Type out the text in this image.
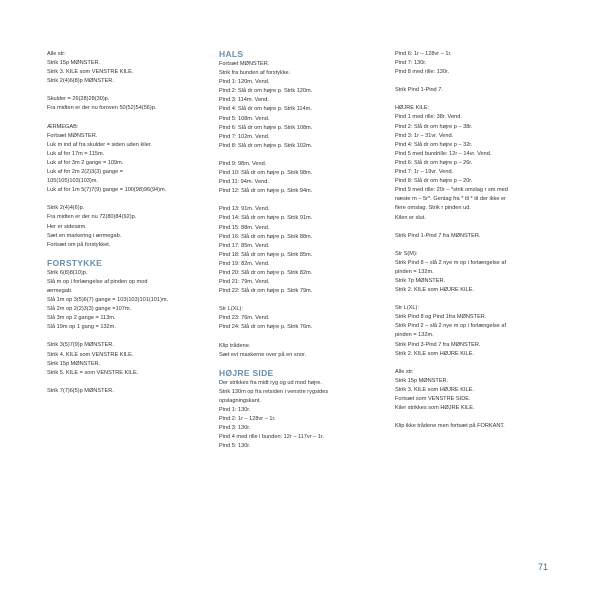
Alle str:
Strik 15p MØNSTER.
Strik 3. KILE som VENSTRE KILE.
Strik 2(4)6(8)p MØNSTER.
Skulder = 26(28)28(30)p.
Fra midten er der nu foroven 50(52)54(56)p.
ÆRMEGAB:
Fortsæt MØNSTER.
Luk m ind af fra skulder = siden uden kiler.
Luk af for 17m = 115m.
Luk af for 3m 2 gange = 109m.
Luk af for 2m 2(2)3(3) gange =
105(105)103(103)m.
Luk af for 1m 5(7)7(9) gange = 100(98)96(94)m.
Strik 2(4)4(6)p.
Fra midten er der nu 72(80)84(92)p.
Her er sidesøm.
Sæt en markering i ærmegab.
Fortsæt om på forstykket.
FORSTYKKE
Strik 6(8)8(10)p.
Slå m op i forlængelse af pinden op mod
ærmegab.
Slå 1m op 3(5)6(7) gange = 103(103)101(101)m.
Slå 2m op 2(2)3(3) gange =107m.
Slå 3m op 2 gange = 113m.
Slå 19m op 1 gang = 132m.
Strik 3(5)7(9)p MØNSTER.
Strik 4. KILE som VENSTRE KILE.
Strik 15p MØNSTER.
Strik 5. KILE = som VENSTRE KILE.
Strik 7(7)6(5)p MØNSTER.
HALS
Fortsæt MØNSTER.
Strik fra bunden af forstykke.
Pind 1: 120m. Vend.
Pind 2: Slå dr om højre p. Strik 120m.
Pind 3: 114m. Vend.
Pind 4: Slå dr om højre p. Strik 114m.
Pind 5: 108m. Vend.
Pind 6: Slå dr om højre p. Strik 108m.
Pind 7: 102m. Vend.
Pind 8: Slå dr om højre p. Strik 102m.
Pind 9: 98m. Vend.
Pind 10: Slå dr om højre p. Strik 98m.
Pind 11: 94m. Vend.
Pind 12: Slå dr om højre p. Strik 94m.
Pind 13: 91m. Vend.
Pind 14: Slå dr om højre p. Strik 91m.
Pind 15: 88m. Vend.
Pind 16: Slå dr om højre p. Strik 88m.
Pind 17: 85m. Vend.
Pind 18: Slå dr om højre p. Strik 85m.
Pind 19: 82m. Vend.
Pind 20: Slå dr om højre p. Strik 82m.
Pind 21: 79m. Vend.
Pind 22: Slå dr om højre p. Strik 79m.
Str L(XL):
Pind 23: 76m. Vend.
Pind 24: Slå dr om højre p. Strik 76m.
Klip trådene.
Sæt evt maskerne over på en snor.
HØJRE SIDE
Der strikkes fra midt ryg og ud mod højre.
Strik 130m op fra retsiden i venstre rygsides
opslagningskant.
Pind 1: 130r.
Pind 2: 1r – 128vr – 1r.
Pind 3: 130r.
Pind 4 med rille i bunden: 12r – 117vr – 1r.
Pind 5: 130r.
Pind 6: 1r – 128vr – 1r.
Pind 7: 130r.
Pind 8 med rille: 130r.
Strik Pind 1-Pind 7.
HØJRE KILE:
Pind 1 med rille: 38r. Vend.
Pind 2: Slå dr om højre p – 38r.
Pind 3: 1r – 31vr. Vend.
Pind 4: Slå dr om højre p – 32r.
Pind 5 med bundrille: 12r – 14vr. Vend.
Pind 6: Slå dr om højre p – 26r.
Pind 7: 1r – 19vr. Vend.
Pind 8: Slå dr om højre p – 20r.
Pind 9 med rille: 20r – *strik omslag r sm med
næste m – 5r*. Gentag fra * til * til der ikke er
flere omslag. Strik r pinden ud.
Kilen er slut.
Strik Pind 1-Pind 7 fra MØNSTER.
Str S(M):
Strik Pind 8 – slå 2 nye m op i forlængelse af
pinden = 132m.
Strik 7p MØNSTER.
Strik 2. KILE som HØJRE KILE.
Str L(XL):
Strik Pind 8 og Pind 1fra MØNSTER.
Strik Pind 2 – slå 2 nye m op i forlængelse af
pinden = 132m.
Strik Pind 3-Pind 7 fra MØNSTER.
Strik 2. KILE som HØJRE KILE.
Alle str:
Strik 15p MØNSTER.
Strik 3. KILE som HØJRE KILE.
Fortsæt som VENSTRE SIDE.
Kiler strikkes som HØJRE KILE.
Klip ikke trådene men fortsæt på FORKANT.
71
